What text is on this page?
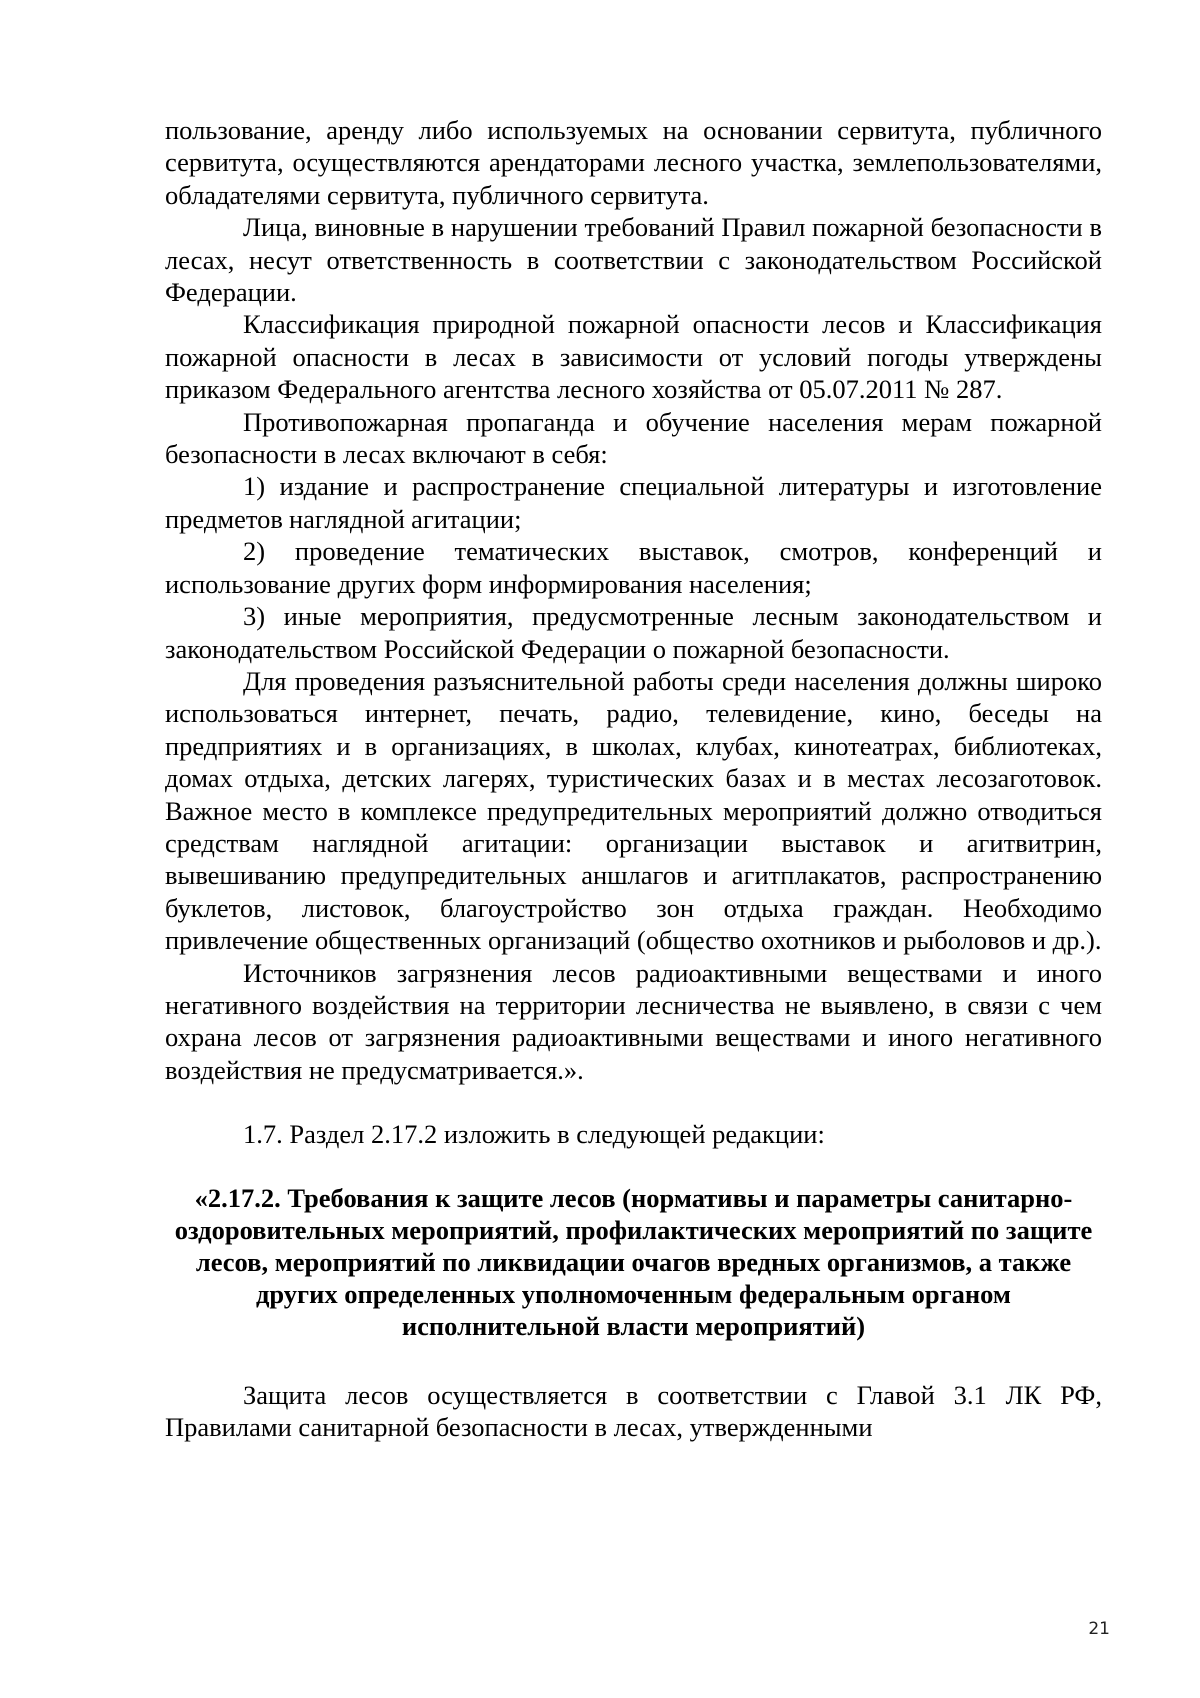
пользование, аренду либо используемых на основании сервитута, публичного сервитута, осуществляются арендаторами лесного участка, землепользователями, обладателями сервитута, публичного сервитута.

Лица, виновные в нарушении требований Правил пожарной безопасности в лесах, несут ответственность в соответствии с законодательством Российской Федерации.

Классификация природной пожарной опасности лесов и Классификация пожарной опасности в лесах в зависимости от условий погоды утверждены приказом Федерального агентства лесного хозяйства от 05.07.2011 № 287.

Противопожарная пропаганда и обучение населения мерам пожарной безопасности в лесах включают в себя:

1) издание и распространение специальной литературы и изготовление предметов наглядной агитации;

2) проведение тематических выставок, смотров, конференций и использование других форм информирования населения;

3) иные мероприятия, предусмотренные лесным законодательством и законодательством Российской Федерации о пожарной безопасности.

Для проведения разъяснительной работы среди населения должны широко использоваться интернет, печать, радио, телевидение, кино, беседы на предприятиях и в организациях, в школах, клубах, кинотеатрах, библиотеках, домах отдыха, детских лагерях, туристических базах и в местах лесозаготовок. Важное место в комплексе предупредительных мероприятий должно отводиться средствам наглядной агитации: организации выставок и агитвитрин, вывешиванию предупредительных аншлагов и агитплакатов, распространению буклетов, листовок, благоустройство зон отдыха граждан. Необходимо привлечение общественных организаций (общество охотников и рыболовов и др.).

Источников загрязнения лесов радиоактивными веществами и иного негативного воздействия на территории лесничества не выявлено, в связи с чем охрана лесов от загрязнения радиоактивными веществами и иного негативного воздействия не предусматривается.».

1.7. Раздел 2.17.2 изложить в следующей редакции:

«2.17.2. Требования к защите лесов (нормативы и параметры санитарно-оздоровительных мероприятий, профилактических мероприятий по защите лесов, мероприятий по ликвидации очагов вредных организмов, а также других определенных уполномоченным федеральным органом исполнительной власти мероприятий)

Защита лесов осуществляется в соответствии с Главой 3.1 ЛК РФ, Правилами санитарной безопасности в лесах, утвержденными

21
